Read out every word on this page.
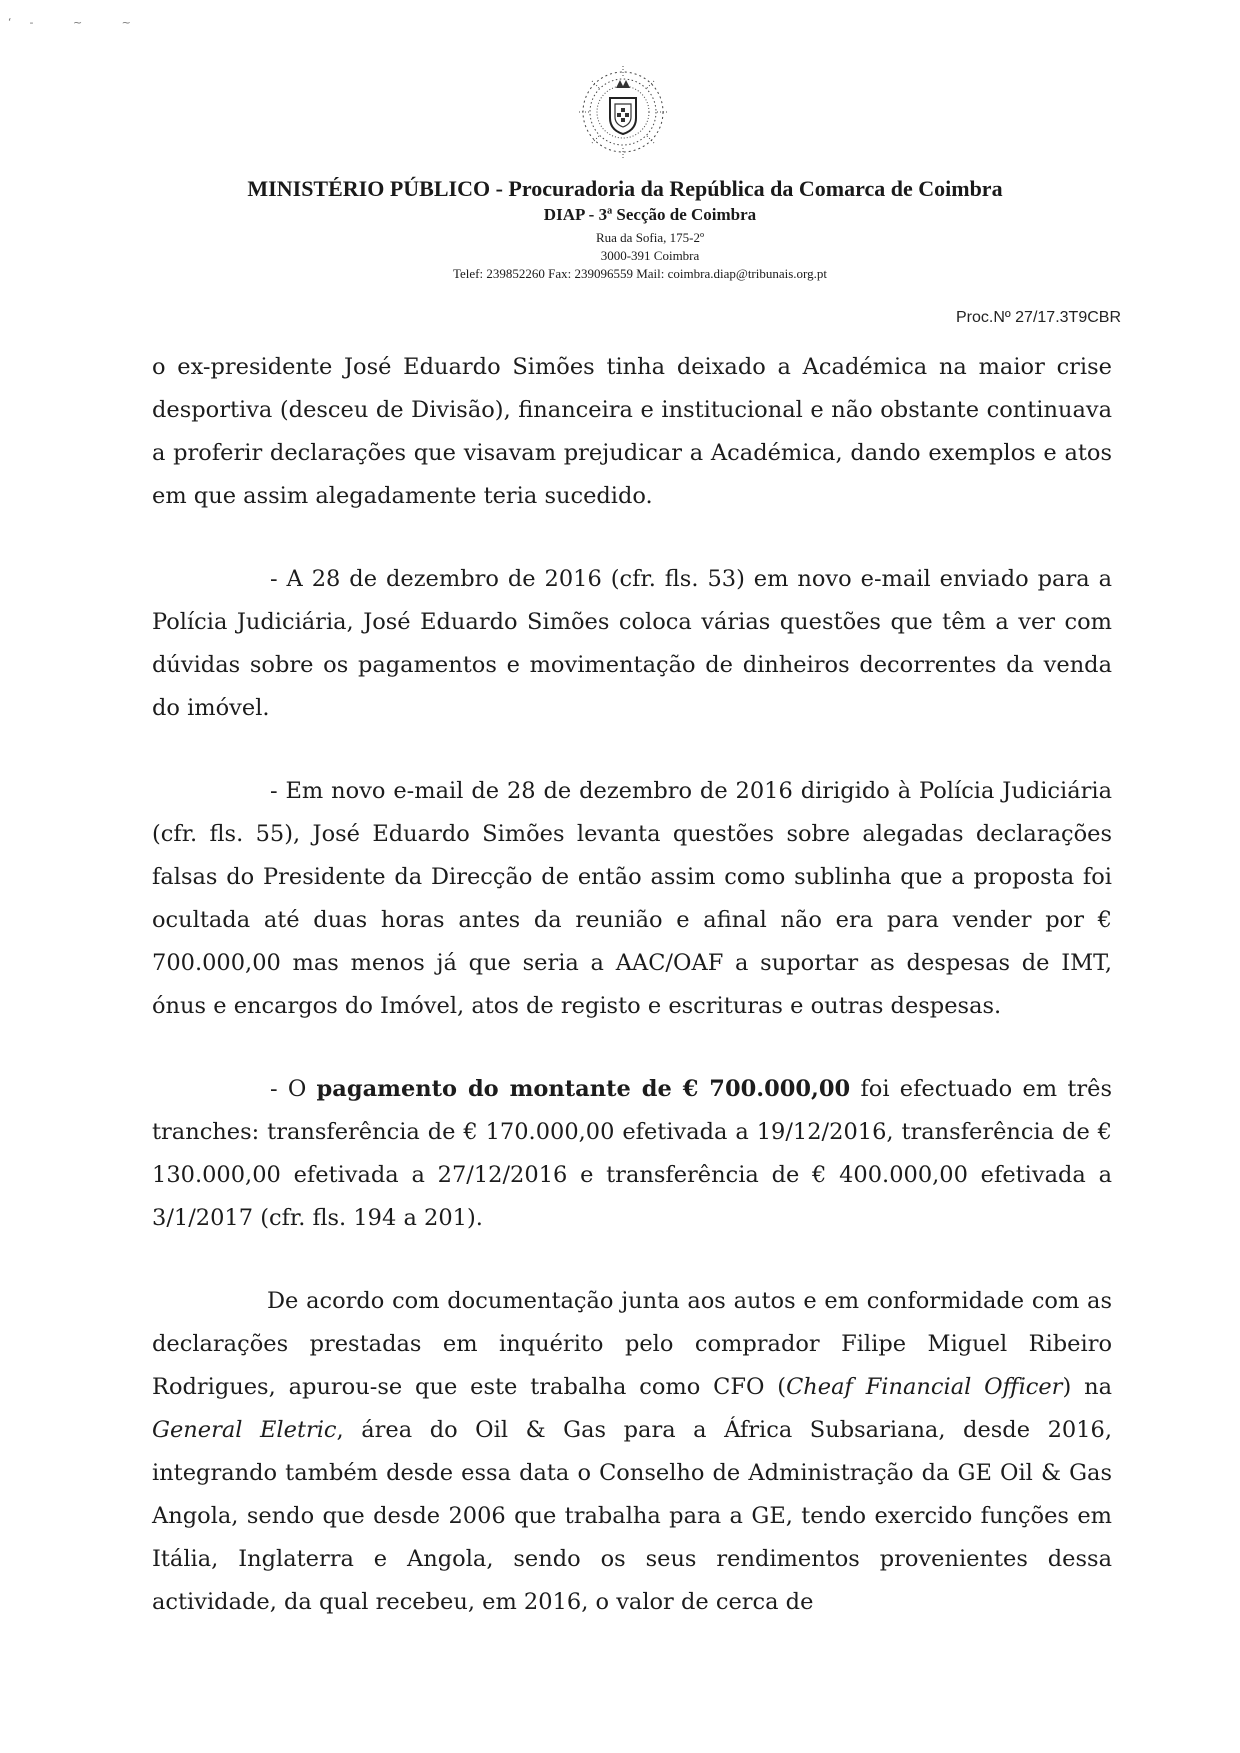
‘- ~ ~
MINISTÉRIO PÚBLICO - Procuradoria da República da Comarca de Coimbra
DIAP - 3ª Secção de Coimbra
Rua da Sofia, 175-2º
3000-391 Coimbra
Telef: 239852260 Fax: 239096559 Mail: coimbra.diap@tribunais.org.pt
Proc.Nº 27/17.3T9CBR

o ex-presidente José Eduardo Simões tinha deixado a Académica na maior crise desportiva (desceu de Divisão), financeira e institucional e não obstante continuava a proferir declarações que visavam prejudicar a Académica, dando exemplos e atos em que assim alegadamente teria sucedido.

- A 28 de dezembro de 2016 (cfr. fls. 53) em novo e-mail enviado para a Polícia Judiciária, José Eduardo Simões coloca várias questões que têm a ver com dúvidas sobre os pagamentos e movimentação de dinheiros decorrentes da venda do imóvel.

- Em novo e-mail de 28 de dezembro de 2016 dirigido à Polícia Judiciária (cfr. fls. 55), José Eduardo Simões levanta questões sobre alegadas declarações falsas do Presidente da Direcção de então assim como sublinha que a proposta foi ocultada até duas horas antes da reunião e afinal não era para vender por € 700.000,00 mas menos já que seria a AAC/OAF a suportar as despesas de IMT, ónus e encargos do Imóvel, atos de registo e escrituras e outras despesas.

- O pagamento do montante de € 700.000,00 foi efectuado em três tranches: transferência de € 170.000,00 efetivada a 19/12/2016, transferência de € 130.000,00 efetivada a 27/12/2016 e transferência de € 400.000,00 efetivada a 3/1/2017 (cfr. fls. 194 a 201).

De acordo com documentação junta aos autos e em conformidade com as declarações prestadas em inquérito pelo comprador Filipe Miguel Ribeiro Rodrigues, apurou-se que este trabalha como CFO (Cheaf Financial Officer) na General Eletric, área do Oil & Gas para a África Subsariana, desde 2016, integrando também desde essa data o Conselho de Administração da GE Oil & Gas Angola, sendo que desde 2006 que trabalha para a GE, tendo exercido funções em Itália, Inglaterra e Angola, sendo os seus rendimentos provenientes dessa actividade, da qual recebeu, em 2016, o valor de cerca de
